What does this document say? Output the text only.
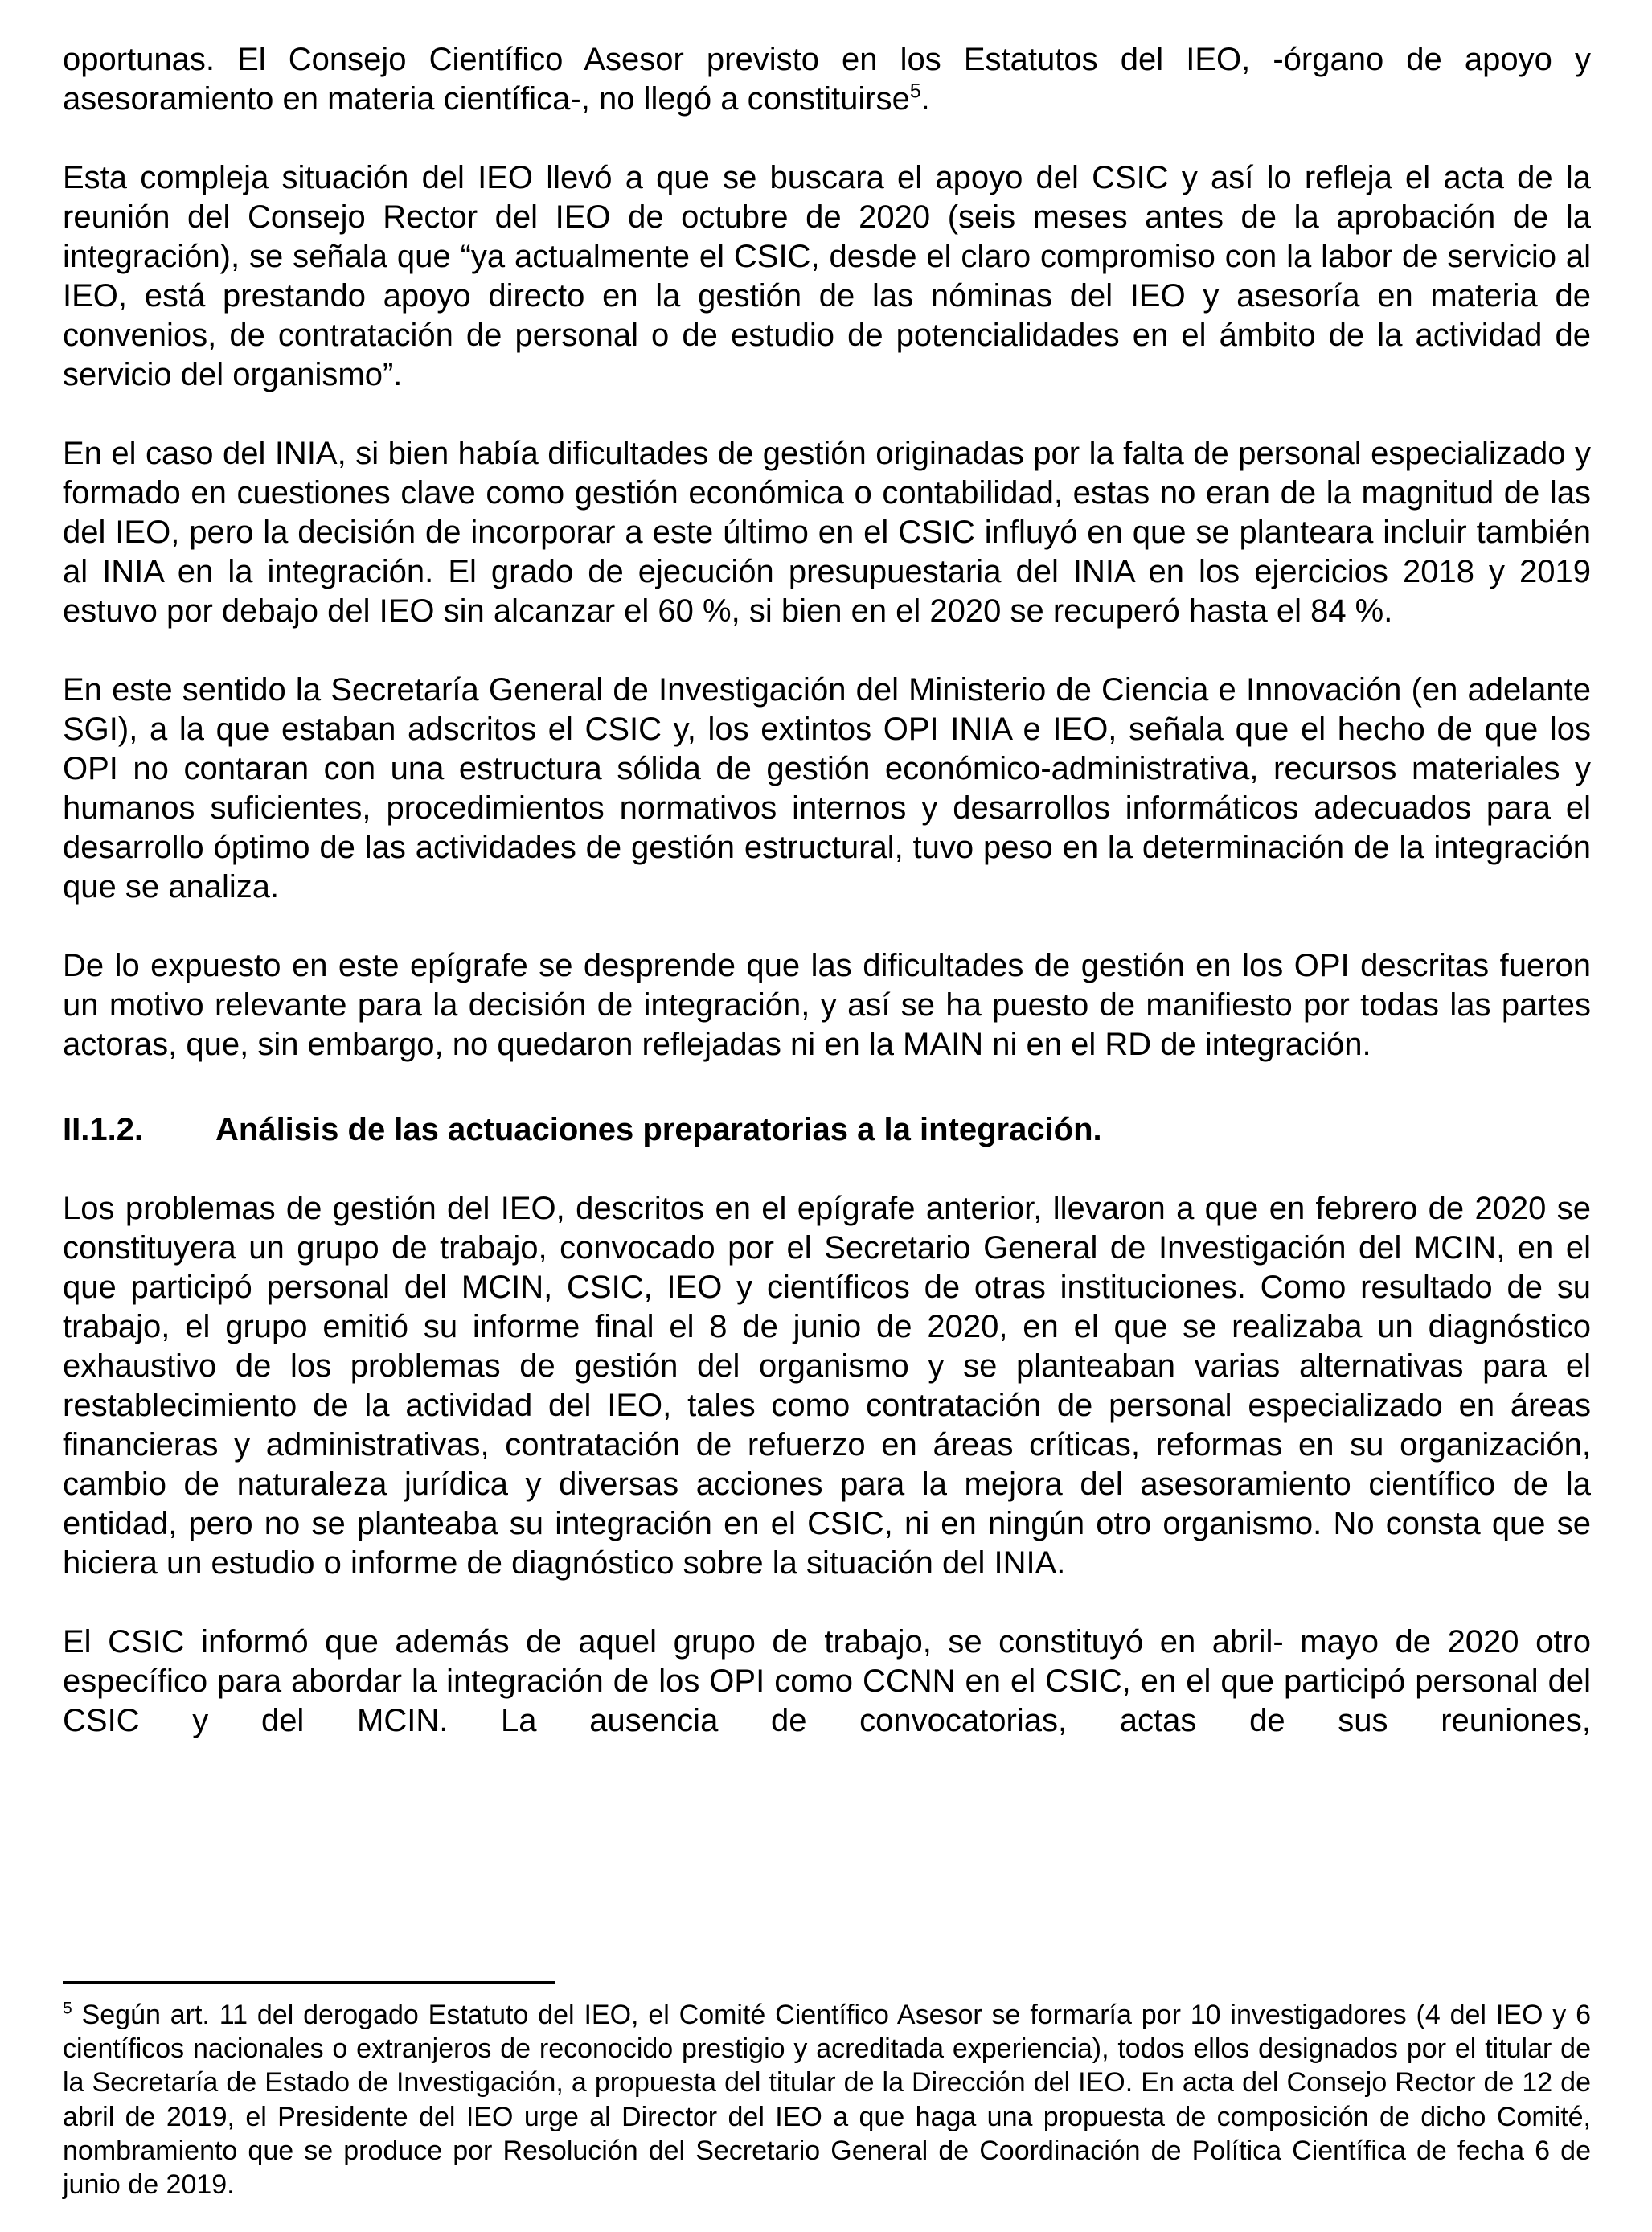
oportunas. El Consejo Científico Asesor previsto en los Estatutos del IEO, -órgano de apoyo y asesoramiento en materia científica-, no llegó a constituirse$^5$.

Esta compleja situación del IEO llevó a que se buscara el apoyo del CSIC y así lo refleja el acta de la reunión del Consejo Rector del IEO de octubre de 2020 (seis meses antes de la aprobación de la integración), se señala que “ya actualmente el CSIC, desde el claro compromiso con la labor de servicio al IEO, está prestando apoyo directo en la gestión de las nóminas del IEO y asesoría en materia de convenios, de contratación de personal o de estudio de potencialidades en el ámbito de la actividad de servicio del organismo”.

En el caso del INIA, si bien había dificultades de gestión originadas por la falta de personal especializado y formado en cuestiones clave como gestión económica o contabilidad, estas no eran de la magnitud de las del IEO, pero la decisión de incorporar a este último en el CSIC influyó en que se planteara incluir también al INIA en la integración. El grado de ejecución presupuestaria del INIA en los ejercicios 2018 y 2019 estuvo por debajo del IEO sin alcanzar el 60 %, si bien en el 2020 se recuperó hasta el 84 %.

En este sentido la Secretaría General de Investigación del Ministerio de Ciencia e Innovación (en adelante SGI), a la que estaban adscritos el CSIC y, los extintos OPI INIA e IEO, señala que el hecho de que los OPI no contaran con una estructura sólida de gestión económico-administrativa, recursos materiales y humanos suficientes, procedimientos normativos internos y desarrollos informáticos adecuados para el desarrollo óptimo de las actividades de gestión estructural, tuvo peso en la determinación de la integración que se analiza.

De lo expuesto en este epígrafe se desprende que las dificultades de gestión en los OPI descritas fueron un motivo relevante para la decisión de integración, y así se ha puesto de manifiesto por todas las partes actoras, que, sin embargo, no quedaron reflejadas ni en la MAIN ni en el RD de integración.

II.1.2. Análisis de las actuaciones preparatorias a la integración.

Los problemas de gestión del IEO, descritos en el epígrafe anterior, llevaron a que en febrero de 2020 se constituyera un grupo de trabajo, convocado por el Secretario General de Investigación del MCIN, en el que participó personal del MCIN, CSIC, IEO y científicos de otras instituciones. Como resultado de su trabajo, el grupo emitió su informe final el 8 de junio de 2020, en el que se realizaba un diagnóstico exhaustivo de los problemas de gestión del organismo y se planteaban varias alternativas para el restablecimiento de la actividad del IEO, tales como contratación de personal especializado en áreas financieras y administrativas, contratación de refuerzo en áreas críticas, reformas en su organización, cambio de naturaleza jurídica y diversas acciones para la mejora del asesoramiento científico de la entidad, pero no se planteaba su integración en el CSIC, ni en ningún otro organismo. No consta que se hiciera un estudio o informe de diagnóstico sobre la situación del INIA.

El CSIC informó que además de aquel grupo de trabajo, se constituyó en abril- mayo de 2020 otro específico para abordar la integración de los OPI como CCNN en el CSIC, en el que participó personal del CSIC y del MCIN. La ausencia de convocatorias, actas de sus reuniones,

$^5$ Según art. 11 del derogado Estatuto del IEO, el Comité Científico Asesor se formaría por 10 investigadores (4 del IEO y 6 científicos nacionales o extranjeros de reconocido prestigio y acreditada experiencia), todos ellos designados por el titular de la Secretaría de Estado de Investigación, a propuesta del titular de la Dirección del IEO. En acta del Consejo Rector de 12 de abril de 2019, el Presidente del IEO urge al Director del IEO a que haga una propuesta de composición de dicho Comité, nombramiento que se produce por Resolución del Secretario General de Coordinación de Política Científica de fecha 6 de junio de 2019.
